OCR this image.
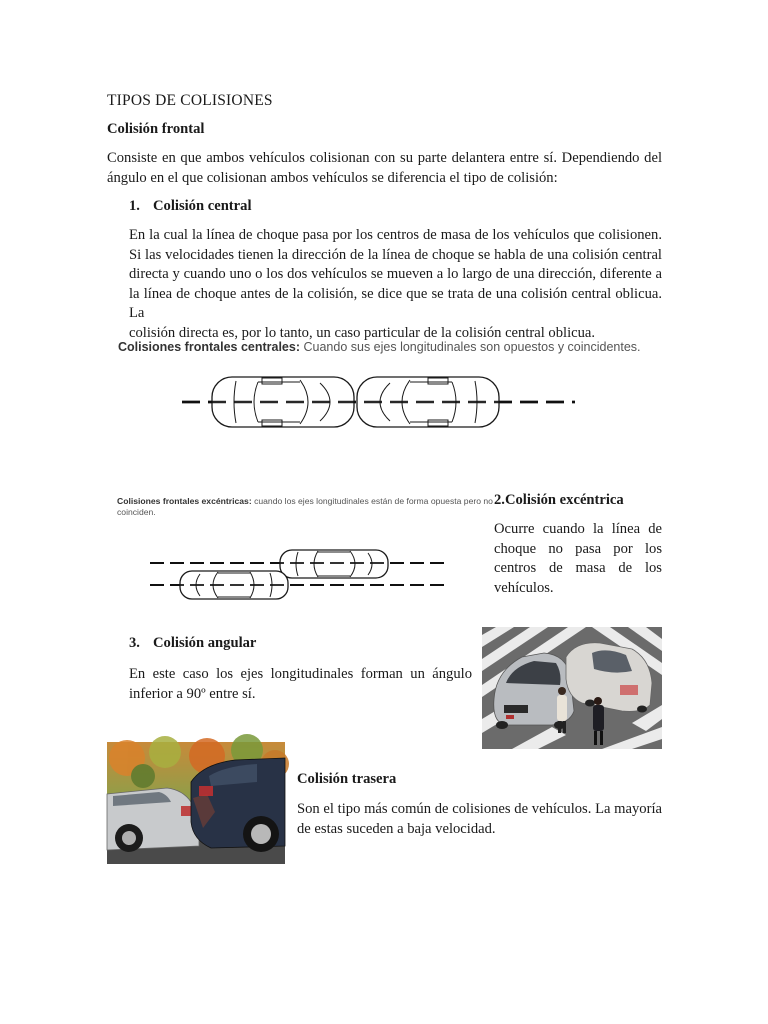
TIPOS DE COLISIONES
Colisión frontal
Consiste en que ambos vehículos colisionan con su parte delantera entre sí. Dependiendo del
ángulo en el que colisionan ambos vehículos se diferencia el tipo de colisión:
1. Colisión central
En la cual la línea de choque pasa por los centros de masa de los vehículos que colisionen.
Si las velocidades tienen la dirección de la línea de choque se habla de una colisión central
directa y cuando uno o los dos vehículos se mueven a lo largo de una dirección, diferente a
la línea de choque antes de la colisión, se dice que se trata de una colisión central oblicua. La
colisión directa es, por lo tanto, un caso particular de la colisión central oblicua.
Colisiones frontales centrales: Cuando sus ejes longitudinales son opuestos y coincidentes.
Colisiones frontales excéntricas: cuando los ejes longitudinales están de forma opuesta pero no
coinciden.
2.Colisión excéntrica
Ocurre cuando la línea de
choque no pasa por los
centros de masa de los
vehículos.
3. Colisión angular
En este caso los ejes longitudinales forman un ángulo
inferior a 90º entre sí.
Colisión trasera
Son el tipo más común de colisiones de vehículos. La mayoría
de estas suceden a baja velocidad.
